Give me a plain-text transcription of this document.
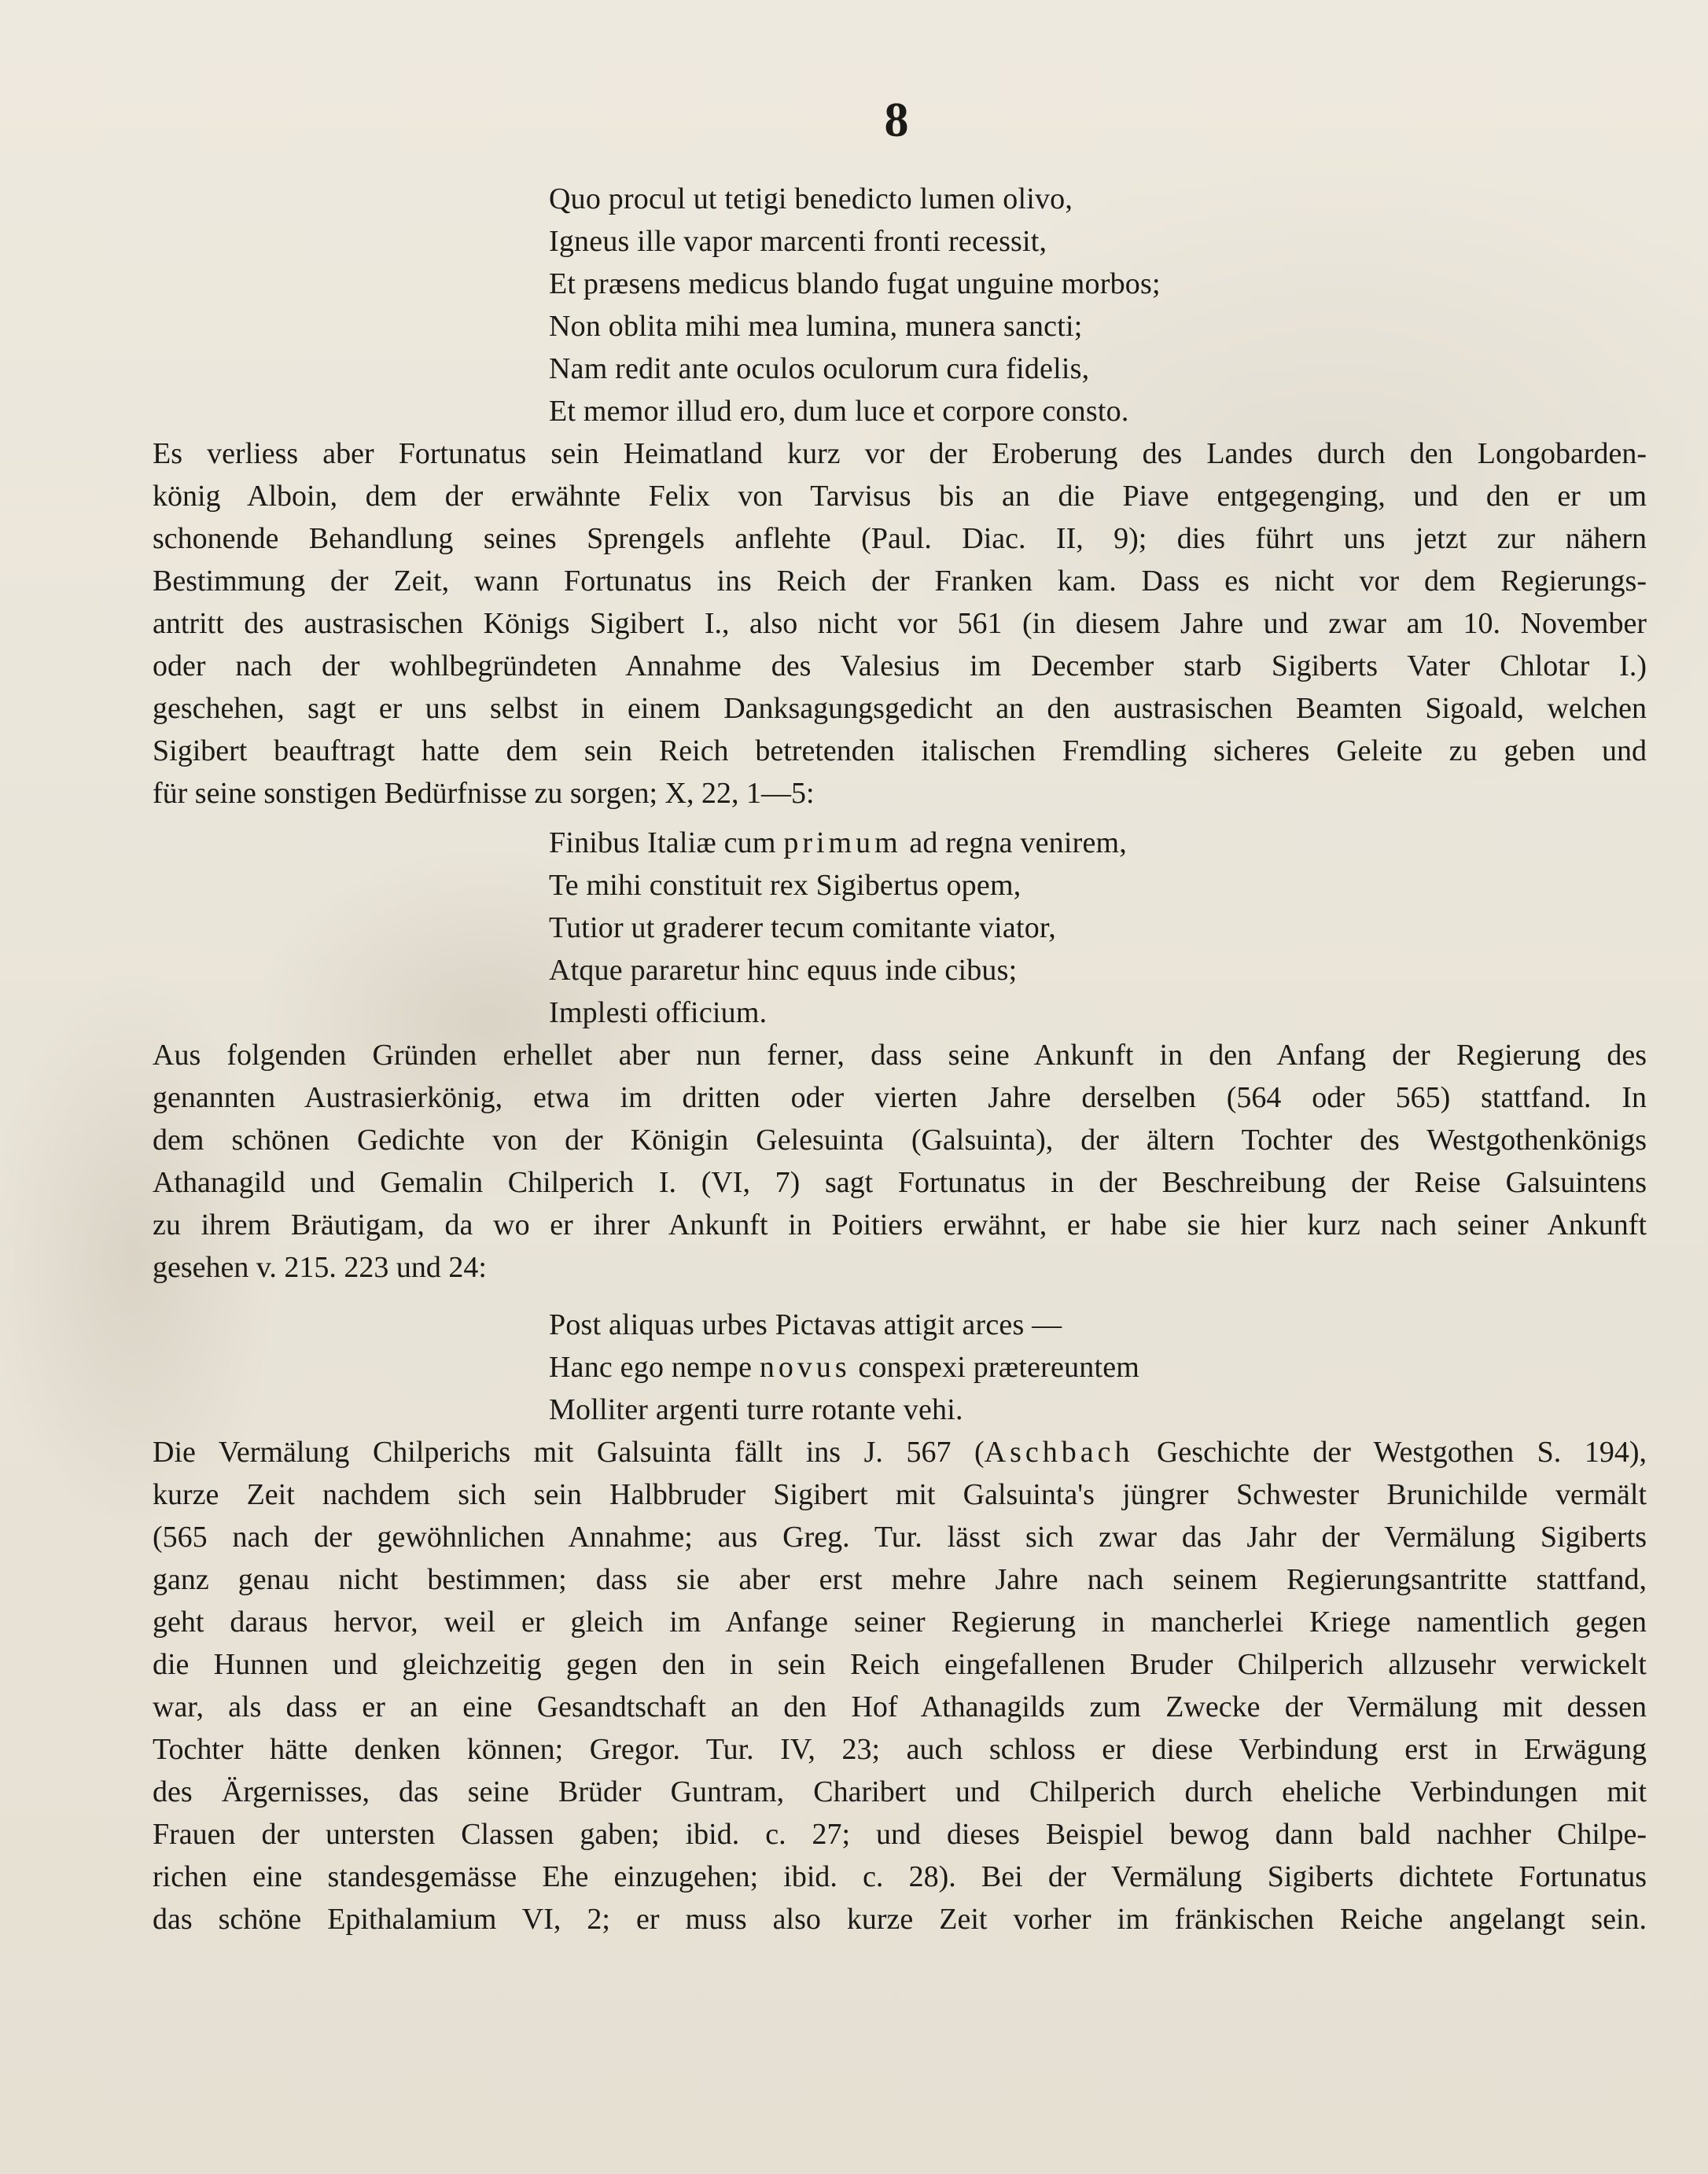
8
Quo procul ut tetigi benedicto lumen olivo,
Igneus ille vapor marcenti fronti recessit,
Et præsens medicus blando fugat unguine morbos;
Non oblita mihi mea lumina, munera sancti;
Nam redit ante oculos oculorum cura fidelis,
Et memor illud ero, dum luce et corpore consto.
Es verliess aber Fortunatus sein Heimatland kurz vor der Eroberung des Landes durch den Longobarden-
könig Alboin, dem der erwähnte Felix von Tarvisus bis an die Piave entgegenging, und den er um
schonende Behandlung seines Sprengels anflehte (Paul. Diac. II, 9); dies führt uns jetzt zur nähern
Bestimmung der Zeit, wann Fortunatus ins Reich der Franken kam. Dass es nicht vor dem Regierungs-
antritt des austrasischen Königs Sigibert I., also nicht vor 561 (in diesem Jahre und zwar am 10. November
oder nach der wohlbegründeten Annahme des Valesius im December starb Sigiberts Vater Chlotar I.)
geschehen, sagt er uns selbst in einem Danksagungsgedicht an den austrasischen Beamten Sigoald, welchen
Sigibert beauftragt hatte dem sein Reich betretenden italischen Fremdling sicheres Geleite zu geben und
für seine sonstigen Bedürfnisse zu sorgen; X, 22, 1—5:
Finibus Italiæ cum primum ad regna venirem,
Te mihi constituit rex Sigibertus opem,
Tutior ut graderer tecum comitante viator,
Atque pararetur hinc equus inde cibus;
Implesti officium.
Aus folgenden Gründen erhellet aber nun ferner, dass seine Ankunft in den Anfang der Regierung des
genannten Austrasierkönig, etwa im dritten oder vierten Jahre derselben (564 oder 565) stattfand. In
dem schönen Gedichte von der Königin Gelesuinta (Galsuinta), der ältern Tochter des Westgothenkönigs
Athanagild und Gemalin Chilperich I. (VI, 7) sagt Fortunatus in der Beschreibung der Reise Galsuintens
zu ihrem Bräutigam, da wo er ihrer Ankunft in Poitiers erwähnt, er habe sie hier kurz nach seiner Ankunft
gesehen v. 215. 223 und 24:
Post aliquas urbes Pictavas attigit arces —
Hanc ego nempe novus conspexi prætereuntem
Molliter argenti turre rotante vehi.
Die Vermälung Chilperichs mit Galsuinta fällt ins J. 567 (Aschbach Geschichte der Westgothen S. 194),
kurze Zeit nachdem sich sein Halbbruder Sigibert mit Galsuinta's jüngrer Schwester Brunichilde vermält
(565 nach der gewöhnlichen Annahme; aus Greg. Tur. lässt sich zwar das Jahr der Vermälung Sigiberts
ganz genau nicht bestimmen; dass sie aber erst mehre Jahre nach seinem Regierungsantritte stattfand,
geht daraus hervor, weil er gleich im Anfange seiner Regierung in mancherlei Kriege namentlich gegen
die Hunnen und gleichzeitig gegen den in sein Reich eingefallenen Bruder Chilperich allzusehr verwickelt
war, als dass er an eine Gesandtschaft an den Hof Athanagilds zum Zwecke der Vermälung mit dessen
Tochter hätte denken können; Gregor. Tur. IV, 23; auch schloss er diese Verbindung erst in Erwägung
des Ärgernisses, das seine Brüder Guntram, Charibert und Chilperich durch eheliche Verbindungen mit
Frauen der untersten Classen gaben; ibid. c. 27; und dieses Beispiel bewog dann bald nachher Chilpe-
richen eine standesgemässe Ehe einzugehen; ibid. c. 28). Bei der Vermälung Sigiberts dichtete Fortunatus
das schöne Epithalamium VI, 2; er muss also kurze Zeit vorher im fränkischen Reiche angelangt sein.
